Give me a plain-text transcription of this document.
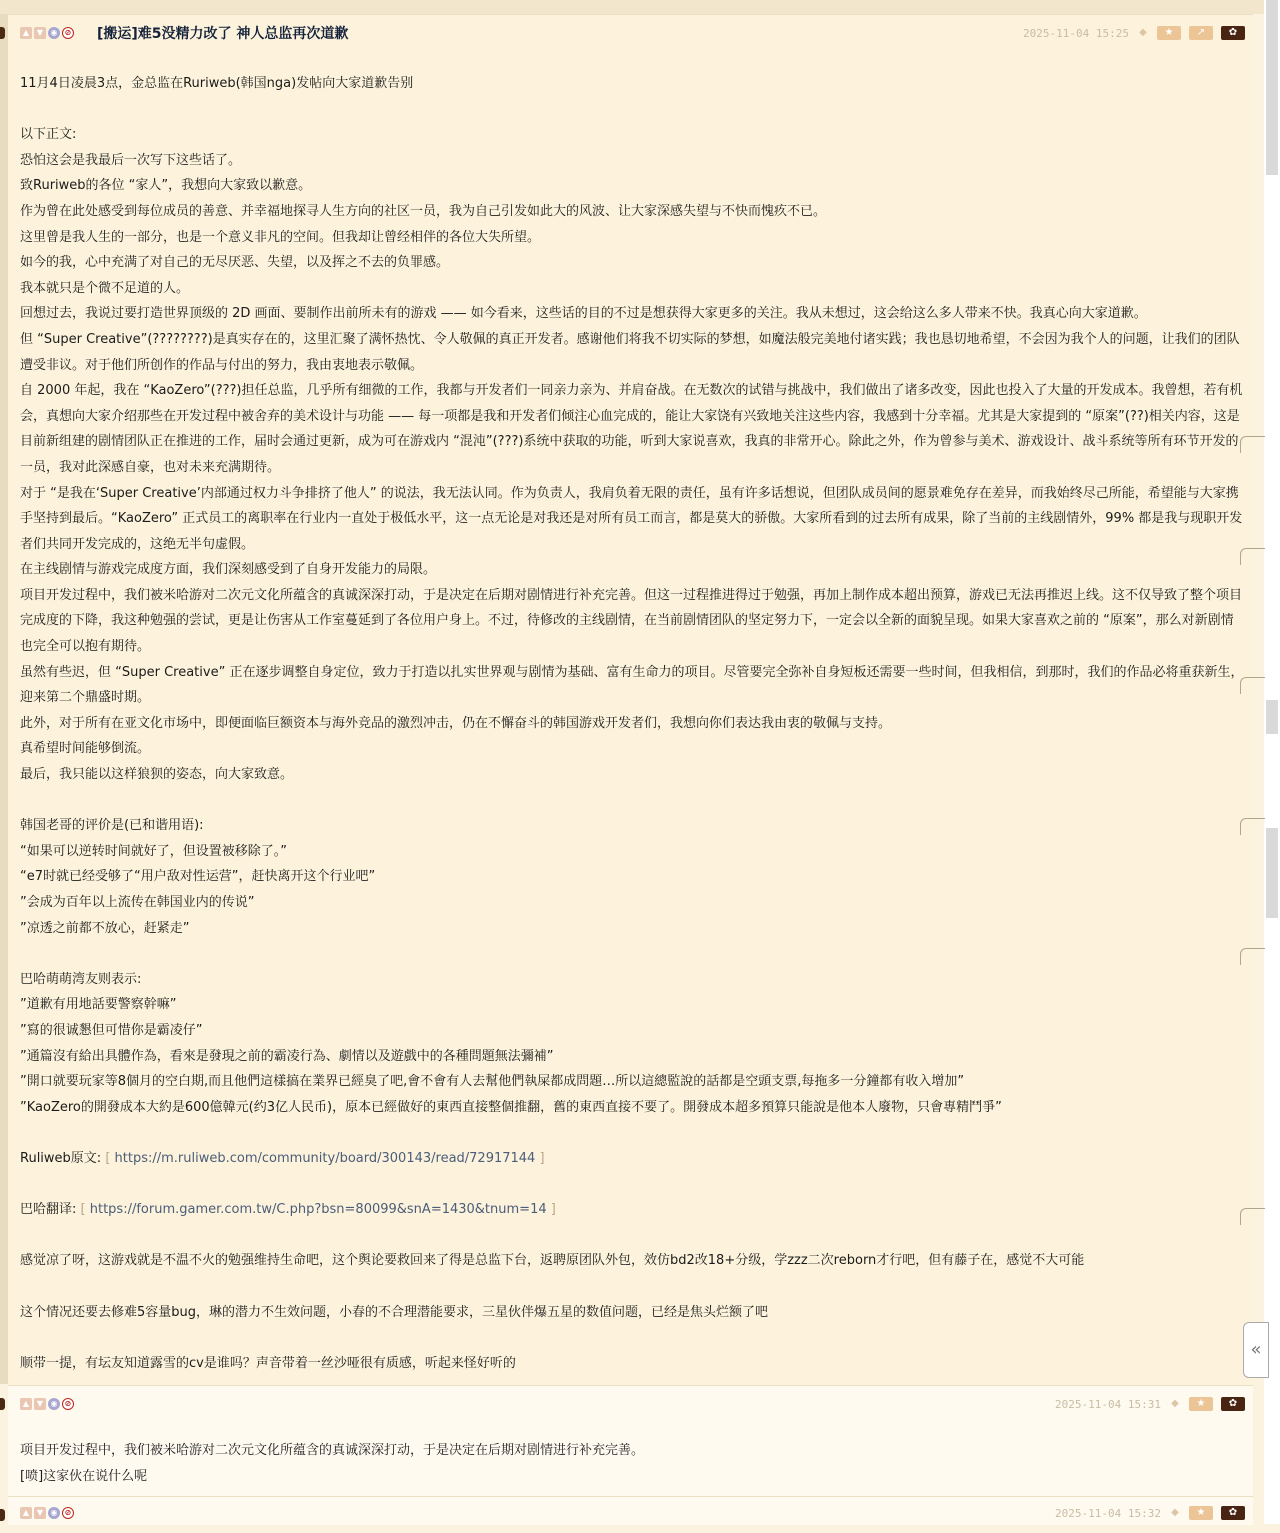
▲ ▼ ◉ ⊘ [搬运]难5没精力改了 神人总监再次道歉	2025-11-04 15:25 ◆	★	↗	✿

11月4日凌晨3点，金总监在Ruriweb(韩国nga)发帖向大家道歉告别

以下正文:

恐怕这会是我最后一次写下这些话了。

致Ruriweb的各位 “家人”，我想向大家致以歉意。

作为曾在此处感受到每位成员的善意、并幸福地探寻人生方向的社区一员，我为自己引发如此大的风波、让大家深感失望与不快而愧疚不已。

这里曾是我人生的一部分，也是一个意义非凡的空间。但我却让曾经相伴的各位大失所望。

如今的我，心中充满了对自己的无尽厌恶、失望，以及挥之不去的负罪感。

我本就只是个微不足道的人。

回想过去，我说过要打造世界顶级的 2D 画面、要制作出前所未有的游戏 —— 如今看来，这些话的目的不过是想获得大家更多的关注。我从未想过，这会给这么多人带来不快。我真心向大家道歉。

但 “Super Creative”(????????)是真实存在的，这里汇聚了满怀热忱、令人敬佩的真正开发者。感谢他们将我不切实际的梦想，如魔法般完美地付诸实践；我也恳切地希望，不会因为我个人的问题，让我们的团队遭受非议。对于他们所创作的作品与付出的努力，我由衷地表示敬佩。

自 2000 年起，我在 “KaoZero”(???)担任总监，几乎所有细微的工作，我都与开发者们一同亲力亲为、并肩奋战。在无数次的试错与挑战中，我们做出了诸多改变，因此也投入了大量的开发成本。我曾想，若有机会，真想向大家介绍那些在开发过程中被舍弃的美术设计与功能 —— 每一项都是我和开发者们倾注心血完成的，能让大家饶有兴致地关注这些内容，我感到十分幸福。尤其是大家提到的 “原案”(??)相关内容，这是目前新组建的剧情团队正在推进的工作，届时会通过更新，成为可在游戏内 “混沌”(???)系统中获取的功能，听到大家说喜欢，我真的非常开心。除此之外，作为曾参与美术、游戏设计、战斗系统等所有环节开发的一员，我对此深感自豪，也对未来充满期待。

对于 “是我在‘Super Creative’内部通过权力斗争排挤了他人” 的说法，我无法认同。作为负责人，我肩负着无限的责任，虽有许多话想说，但团队成员间的愿景难免存在差异，而我始终尽己所能，希望能与大家携手坚持到最后。“KaoZero” 正式员工的离职率在行业内一直处于极低水平，这一点无论是对我还是对所有员工而言，都是莫大的骄傲。大家所看到的过去所有成果，除了当前的主线剧情外，99% 都是我与现职开发者们共同开发完成的，这绝无半句虚假。

在主线剧情与游戏完成度方面，我们深刻感受到了自身开发能力的局限。

项目开发过程中，我们被米哈游对二次元文化所蕴含的真诚深深打动，于是决定在后期对剧情进行补充完善。但这一过程推进得过于勉强，再加上制作成本超出预算，游戏已无法再推迟上线。这不仅导致了整个项目完成度的下降，我这种勉强的尝试，更是让伤害从工作室蔓延到了各位用户身上。不过，待修改的主线剧情，在当前剧情团队的坚定努力下，一定会以全新的面貌呈现。如果大家喜欢之前的 “原案”，那么对新剧情也完全可以抱有期待。

虽然有些迟，但 “Super Creative” 正在逐步调整自身定位，致力于打造以扎实世界观与剧情为基础、富有生命力的项目。尽管要完全弥补自身短板还需要一些时间，但我相信，到那时，我们的作品必将重获新生，迎来第二个鼎盛时期。

此外，对于所有在亚文化市场中，即便面临巨额资本与海外竞品的激烈冲击，仍在不懈奋斗的韩国游戏开发者们，我想向你们表达我由衷的敬佩与支持。

真希望时间能够倒流。

最后，我只能以这样狼狈的姿态，向大家致意。

韩国老哥的评价是(已和谐用语):

“如果可以逆转时间就好了，但设置被移除了。”

“e7时就已经受够了“用户敌对性运营”，赶快离开这个行业吧”

”会成为百年以上流传在韩国业内的传说”

”凉透之前都不放心，赶紧走”

巴哈萌萌湾友则表示:

”道歉有用地話要警察幹嘛”

”寫的很诚懇但可惜你是霸凌仔”

”通篇沒有給出具體作為，看來是發現之前的霸凌行為、劇情以及遊戲中的各種問題無法彌補”

”開口就要玩家等8個月的空白期,而且他們這樣搞在業界已經臭了吧,會不會有人去幫他們執屎都成問題…所以這總監說的話都是空頭支票,每拖多一分鐘都有收入增加”

”KaoZero的開發成本大約是600億韓元(约3亿人民币)，原本已經做好的東西直接整個推翻，舊的東西直接不要了。開發成本超多預算只能說是他本人廢物，只會專精鬥爭”

Ruliweb原文: [ https://m.ruliweb.com/community/board/300143/read/72917144 ]

巴哈翻译: [ https://forum.gamer.com.tw/C.php?bsn=80099&snA=1430&tnum=14 ]

感觉凉了呀，这游戏就是不温不火的勉强维持生命吧，这个舆论要救回来了得是总监下台，返聘原团队外包，效仿bd2改18+分级，学zzz二次reborn才行吧，但有藤子在，感觉不大可能

这个情况还要去修难5容量bug，琳的潜力不生效问题，小春的不合理潜能要求，三星伙伴爆五星的数值问题，已经是焦头烂额了吧

顺带一提，有坛友知道露雪的cv是谁吗？声音带着一丝沙哑很有质感，听起来怪好听的

▲ ▼ ◉ ⊘	2025-11-04 15:31 ◆	★	✿

项目开发过程中，我们被米哈游对二次元文化所蕴含的真诚深深打动，于是决定在后期对剧情进行补充完善。

[喷]这家伙在说什么呢

▲ ▼ ◉ ⊘	2025-11-04 15:32 ◆	★	✿
«
